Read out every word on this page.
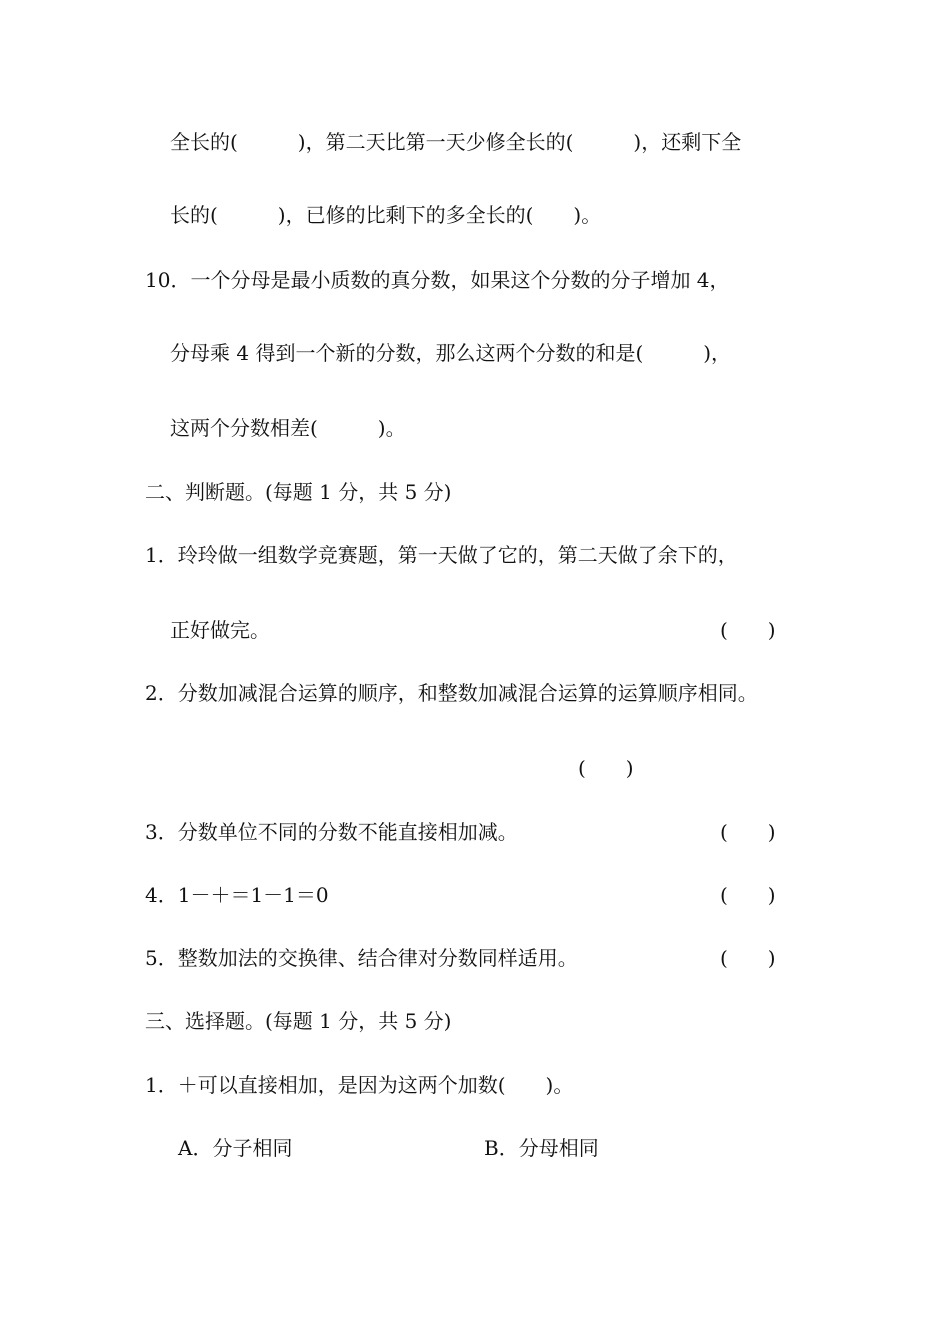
全长的(　　　)，第二天比第一天少修全长的(　　　)，还剩下全
长的(　　　)，已修的比剩下的多全长的(　　)。
10．一个分母是最小质数的真分数，如果这个分数的分子增加 4，
分母乘 4 得到一个新的分数，那么这两个分数的和是(　　　)，
这两个分数相差(　　　)。
二、判断题。(每题 1 分，共 5 分)
1．玲玲做一组数学竞赛题，第一天做了它的，第二天做了余下的，
正好做完。	(　　)
2．分数加减混合运算的顺序，和整数加减混合运算的运算顺序相同。
(　　)
3．分数单位不同的分数不能直接相加减。	(　　)
4．1－＋＝1－1＝0	(　　)
5．整数加法的交换律、结合律对分数同样适用。	(　　)
三、选择题。(每题 1 分，共 5 分)
1．＋可以直接相加，是因为这两个加数(　　)。
A．分子相同	B．分母相同
